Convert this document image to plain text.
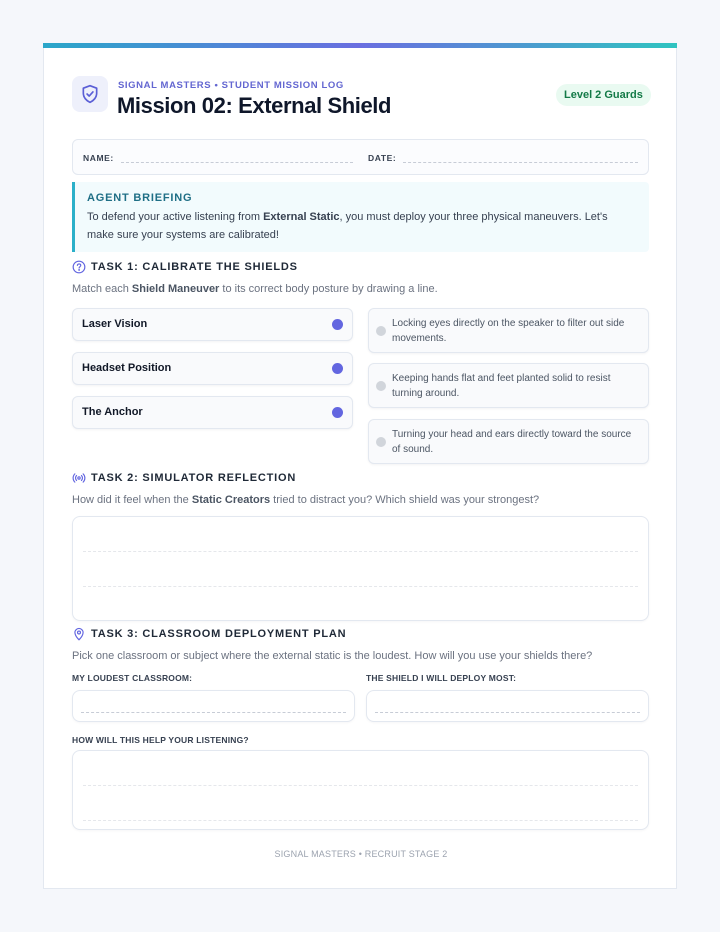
SIGNAL MASTERS • STUDENT MISSION LOG
Mission 02: External Shield	Level 2 Guards
NAME:	DATE:
AGENT BRIEFING
To defend your active listening from External Static, you must deploy your three physical maneuvers. Let's make sure your systems are calibrated!
TASK 1: CALIBRATE THE SHIELDS
Match each Shield Maneuver to its correct body posture by drawing a line.
Laser Vision
Headset Position
The Anchor
Locking eyes directly on the speaker to filter out side movements.
Keeping hands flat and feet planted solid to resist turning around.
Turning your head and ears directly toward the source of sound.
TASK 2: SIMULATOR REFLECTION
How did it feel when the Static Creators tried to distract you? Which shield was your strongest?
TASK 3: CLASSROOM DEPLOYMENT PLAN
Pick one classroom or subject where the external static is the loudest. How will you use your shields there?
MY LOUDEST CLASSROOM:	THE SHIELD I WILL DEPLOY MOST:
HOW WILL THIS HELP YOUR LISTENING?
SIGNAL MASTERS • RECRUIT STAGE 2
